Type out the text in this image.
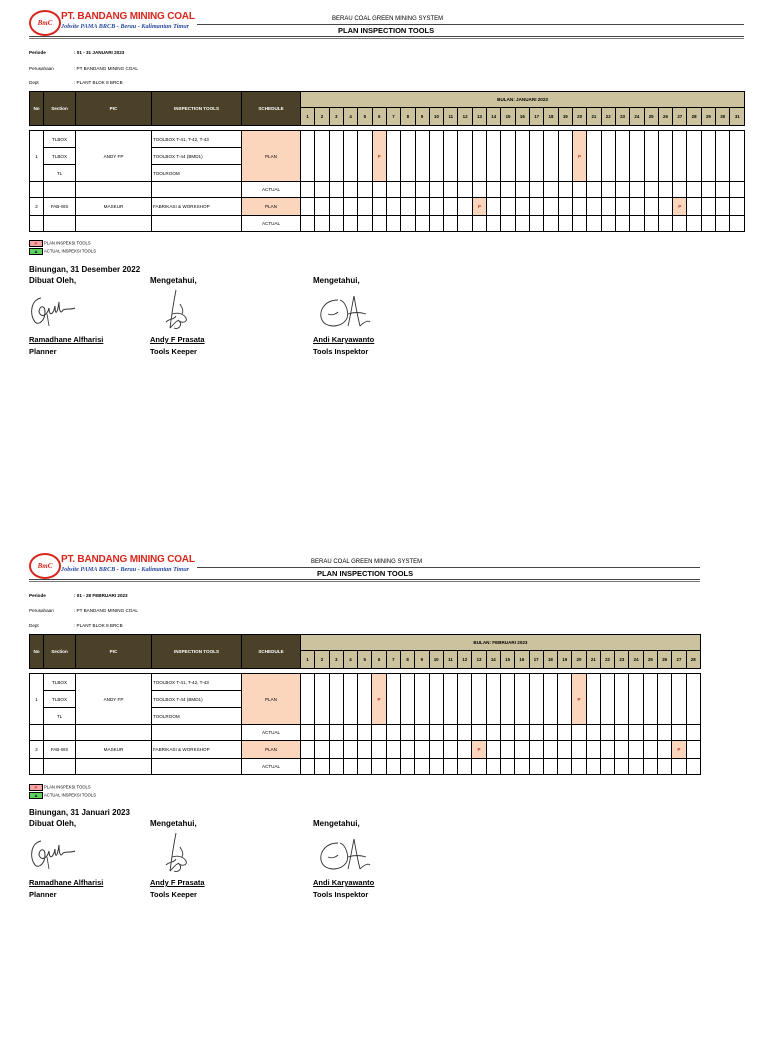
BmC
PT. BANDANG MINING COAL
Jobsite PAMA BRCB - Berau - Kalimantan Timur
BERAU COAL GREEN MINING SYSTEM
PLAN INSPECTION TOOLS
Periode	: 01 - 31 JANUARI 2023
Perusahaan	: PT BANDANG MINING COAL
Dept	: PLANT BLOK 8 BRCB
No	Section	PIC	INSPECTION TOOLS	SCHEDULE	BULAN: JANUARI 2023																														
					1	2	3	4	5	6	7	8	9	10	11	12	13	14	15	16	17	18	19	20	21	22	23	24	25	26	27	28	29	30	31

1	TLBOX	ANDY FP	TOOLBOX T-41, T-42, T-43	PLAN						P														P											
	TLBOX		TOOLBOX T-44 (BMD1)																																
	TL		TOOLROOM																																
				ACTUAL																															
2	FAB-WS	MASKUR	FABRIKASI & WORKSHOP	PLAN													P														P				
				ACTUAL																															
P PLAN INSPEKSI TOOLS
A ACTUAL INSPEKSI TOOLS
Binungan, 31 Desember 2022
Dibuat Oleh,	Mengetahui,	Mengetahui,
Ramadhane Alfharisi
Planner
Andy F Prasata
Tools Keeper
Andi Karyawanto
Tools Inspektor
BmC
PT. BANDANG MINING COAL
Jobsite PAMA BRCB - Berau - Kalimantan Timur
BERAU COAL GREEN MINING SYSTEM
PLAN INSPECTION TOOLS
Periode	: 01 - 28 FEBRUARI 2023
Perusahaan	: PT BANDANG MINING COAL
Dept	: PLANT BLOK 8 BRCB
No	Section	PIC	INSPECTION TOOLS	SCHEDULE	BULAN: FEBRUARI 2023																											
					1	2	3	4	5	6	7	8	9	10	11	12	13	14	15	16	17	18	19	20	21	22	23	24	25	26	27	28

1	TLBOX	ANDY FP	TOOLBOX T-41, T-42, T-43	PLAN						P														P								
	TLBOX		TOOLBOX T-44 (BMD1)																													
	TL		TOOLROOM																													
				ACTUAL																												
2	FAB-WS	MASKUR	FABRIKASI & WORKSHOP	PLAN													P														P	
				ACTUAL																												
P PLAN INSPEKSI TOOLS
A ACTUAL INSPEKSI TOOLS
Binungan, 31 Januari 2023
Dibuat Oleh,	Mengetahui,	Mengetahui,
Ramadhane Alfharisi
Planner
Andy F Prasata
Tools Keeper
Andi Karyawanto
Tools Inspektor
